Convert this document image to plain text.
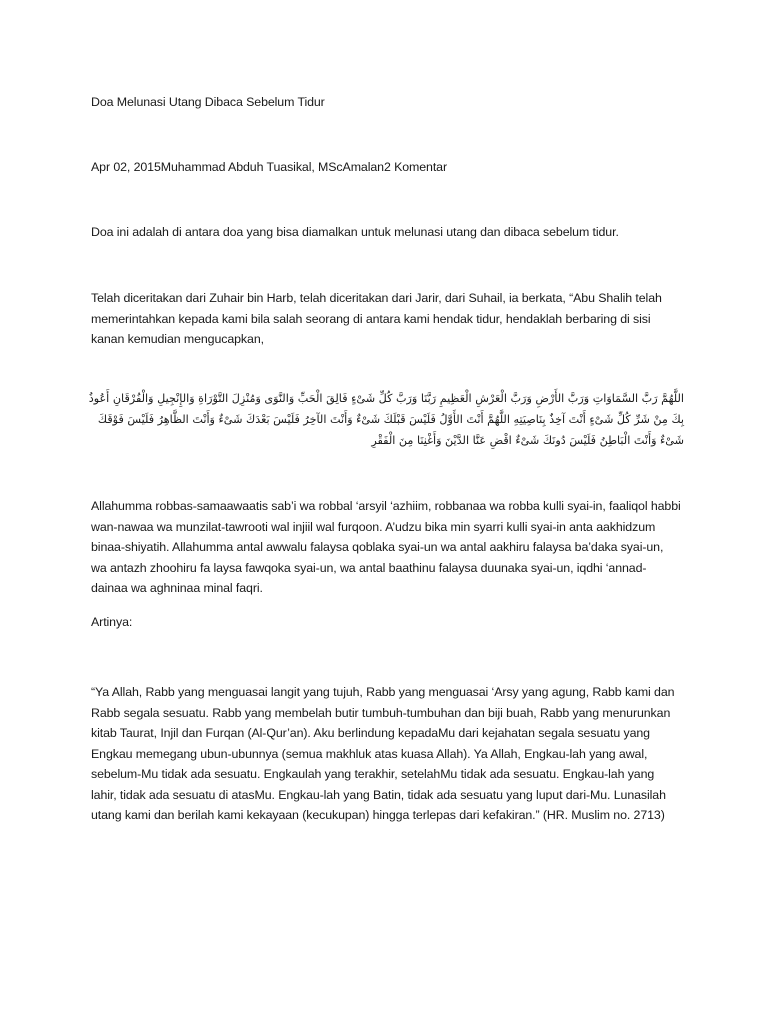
Doa Melunasi Utang Dibaca Sebelum Tidur

Apr 02, 2015Muhammad Abduh Tuasikal, MScAmalan2 Komentar

Doa ini adalah di antara doa yang bisa diamalkan untuk melunasi utang dan dibaca sebelum tidur.

Telah diceritakan dari Zuhair bin Harb, telah diceritakan dari Jarir, dari Suhail, ia berkata, “Abu Shalih telah memerintahkan kepada kami bila salah seorang di antara kami hendak tidur, hendaklah berbaring di sisi kanan kemudian mengucapkan,

اللَّهُمَّ رَبَّ السَّمَاوَاتِ وَرَبَّ الأَرْضِ وَرَبَّ الْعَرْشِ الْعَظِيمِ رَبَّنَا وَرَبَّ كُلِّ شَىْءٍ فَالِقَ الْحَبِّ وَالنَّوَى وَمُنْزِلَ التَّوْرَاةِ وَالإِنْجِيلِ وَالْفُرْقَانِ أَعُوذُ بِكَ مِنْ شَرِّ كُلِّ شَىْءٍ أَنْتَ آخِذٌ بِنَاصِيَتِهِ اللَّهُمَّ أَنْتَ الأَوَّلُ فَلَيْسَ قَبْلَكَ شَىْءٌ وَأَنْتَ الآخِرُ فَلَيْسَ بَعْدَكَ شَىْءٌ وَأَنْتَ الظَّاهِرُ فَلَيْسَ فَوْقَكَ شَىْءٌ وَأَنْتَ الْبَاطِنُ فَلَيْسَ دُونَكَ شَىْءٌ اقْضِ عَنَّا الدَّيْنَ وَأَغْنِنَا مِنَ الْفَقْرِ

Allahumma robbas-samaawaatis sab’i wa robbal ‘arsyil ‘azhiim, robbanaa wa robba kulli syai-in, faaliqol habbi wan-nawaa wa munzilat-tawrooti wal injiil wal furqoon. A’udzu bika min syarri kulli syai-in anta aakhidzum binaa-shiyatih. Allahumma antal awwalu falaysa qoblaka syai-un wa antal aakhiru falaysa ba’daka syai-un, wa antazh zhoohiru fa laysa fawqoka syai-un, wa antal baathinu falaysa duunaka syai-un, iqdhi ‘annad-dainaa wa aghninaa minal faqri.

Artinya:

“Ya Allah, Rabb yang menguasai langit yang tujuh, Rabb yang menguasai ‘Arsy yang agung, Rabb kami dan Rabb segala sesuatu. Rabb yang membelah butir tumbuh-tumbuhan dan biji buah, Rabb yang menurunkan kitab Taurat, Injil dan Furqan (Al-Qur’an). Aku berlindung kepadaMu dari kejahatan segala sesuatu yang Engkau memegang ubun-ubunnya (semua makhluk atas kuasa Allah). Ya Allah, Engkau-lah yang awal, sebelum-Mu tidak ada sesuatu. Engkaulah yang terakhir, setelahMu tidak ada sesuatu. Engkau-lah yang lahir, tidak ada sesuatu di atasMu. Engkau-lah yang Batin, tidak ada sesuatu yang luput dari-Mu. Lunasilah utang kami dan berilah kami kekayaan (kecukupan) hingga terlepas dari kefakiran.” (HR. Muslim no. 2713)
